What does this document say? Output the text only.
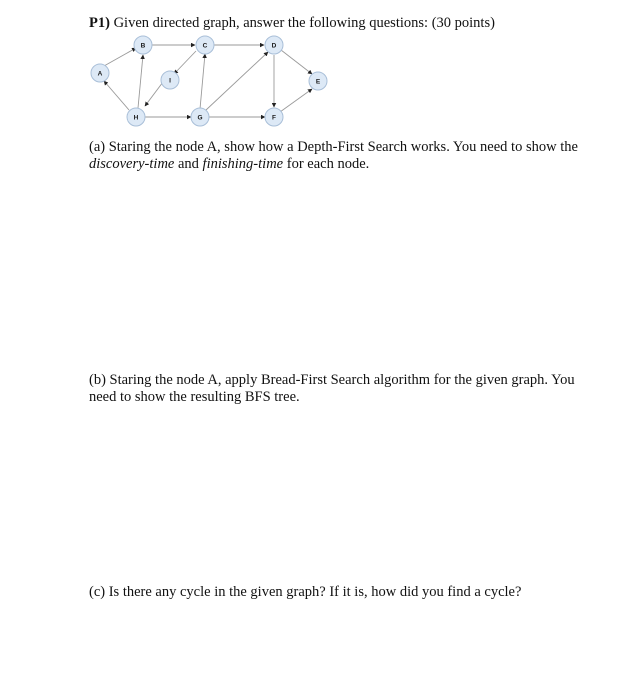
P1) Given directed graph, answer the following questions: (30 points)
A
B	C	D
E
H
I
G	F

(a) Staring the node A, show how a Depth-First Search works. You need to show the discovery-time and finishing-time for each node.

(b) Staring the node A, apply Bread-First Search algorithm for the given graph. You need to show the resulting BFS tree.

(c) Is there any cycle in the given graph? If it is, how did you find a cycle?
